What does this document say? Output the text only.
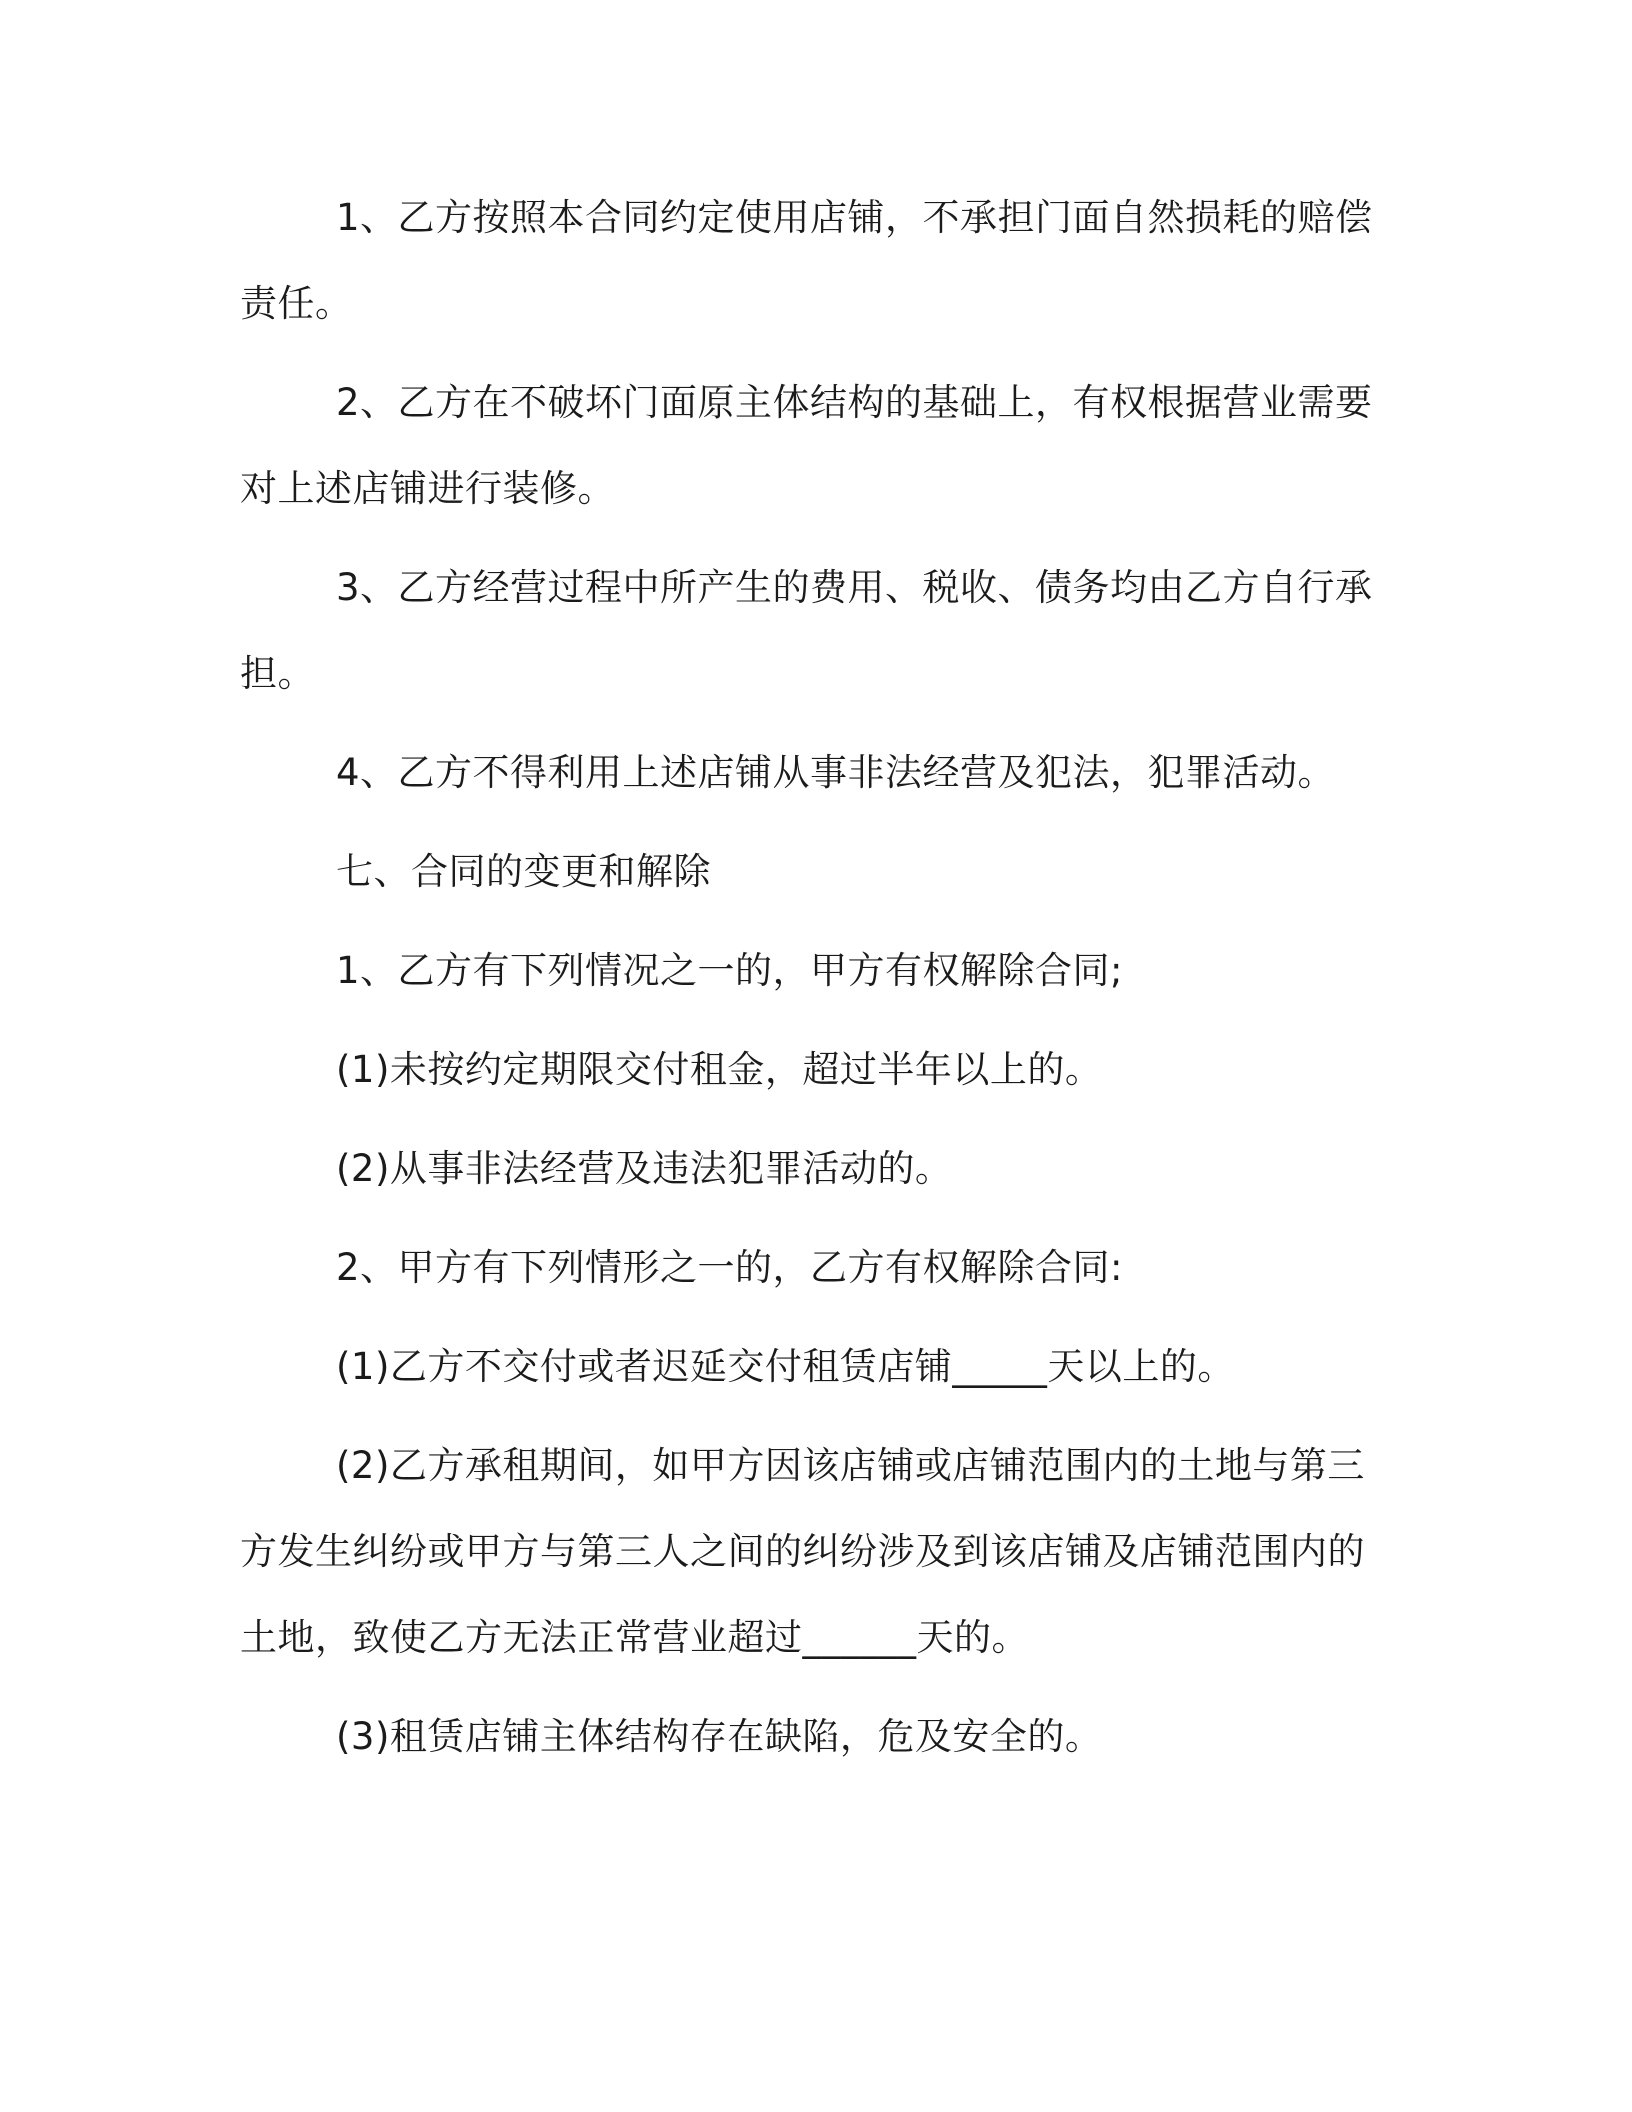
1、乙方按照本合同约定使用店铺，不承担门面自然损耗的赔偿责任。

2、乙方在不破坏门面原主体结构的基础上，有权根据营业需要对上述店铺进行装修。

3、乙方经营过程中所产生的费用、税收、债务均由乙方自行承担。

4、乙方不得利用上述店铺从事非法经营及犯法，犯罪活动。

七、合同的变更和解除

1、乙方有下列情况之一的，甲方有权解除合同;

(1)未按约定期限交付租金，超过半年以上的。

(2)从事非法经营及违法犯罪活动的。

2、甲方有下列情形之一的，乙方有权解除合同:

(1)乙方不交付或者迟延交付租赁店铺_____天以上的。

(2)乙方承租期间，如甲方因该店铺或店铺范围内的土地与第三方发生纠纷或甲方与第三人之间的纠纷涉及到该店铺及店铺范围内的土地，致使乙方无法正常营业超过______天的。

(3)租赁店铺主体结构存在缺陷，危及安全的。
